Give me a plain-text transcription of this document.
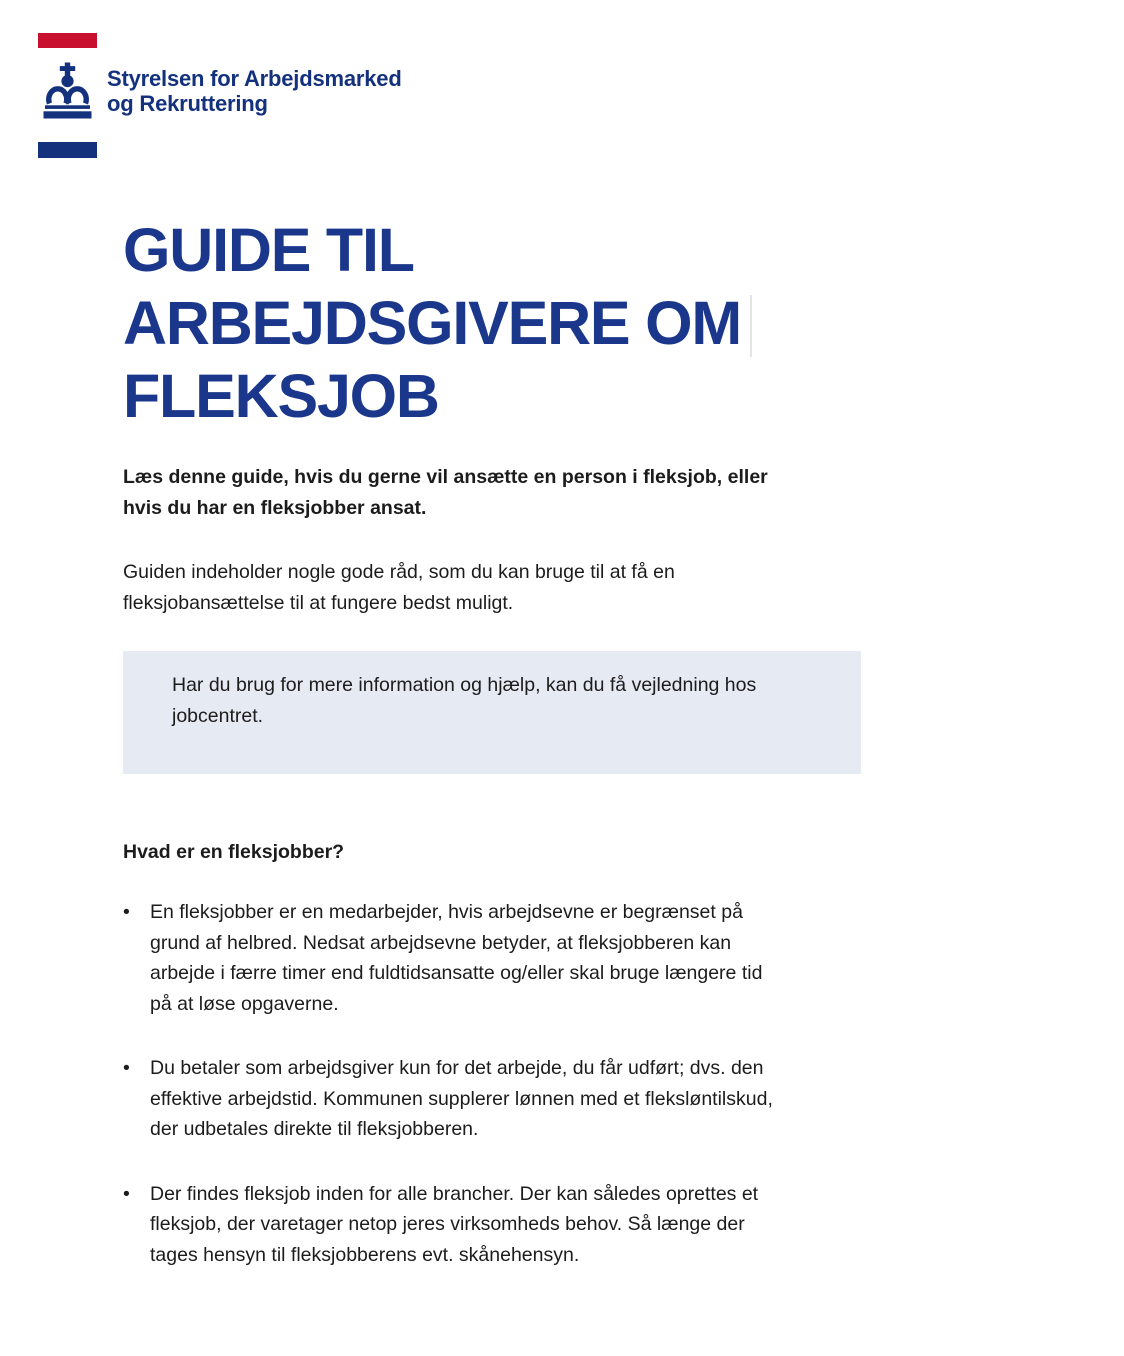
Styrelsen for Arbejdsmarked
og Rekruttering
GUIDE TIL
ARBEJDSGIVERE OM
FLEKSJOB
Læs denne guide, hvis du gerne vil ansætte en person i fleksjob, eller
hvis du har en fleksjobber ansat.
Guiden indeholder nogle gode råd, som du kan bruge til at få en
fleksjobansættelse til at fungere bedst muligt.
Har du brug for mere information og hjælp, kan du få vejledning hos
jobcentret.
Hvad er en fleksjobber?
•	En fleksjobber er en medarbejder, hvis arbejdsevne er begrænset på
grund af helbred. Nedsat arbejdsevne betyder, at fleksjobberen kan
arbejde i færre timer end fuldtidsansatte og/eller skal bruge længere tid
på at løse opgaverne.
•	Du betaler som arbejdsgiver kun for det arbejde, du får udført; dvs. den
effektive arbejdstid. Kommunen supplerer lønnen med et fleksløntilskud,
der udbetales direkte til fleksjobberen.
•	Der findes fleksjob inden for alle brancher. Der kan således oprettes et
fleksjob, der varetager netop jeres virksomheds behov. Så længe der
tages hensyn til fleksjobberens evt. skånehensyn.
